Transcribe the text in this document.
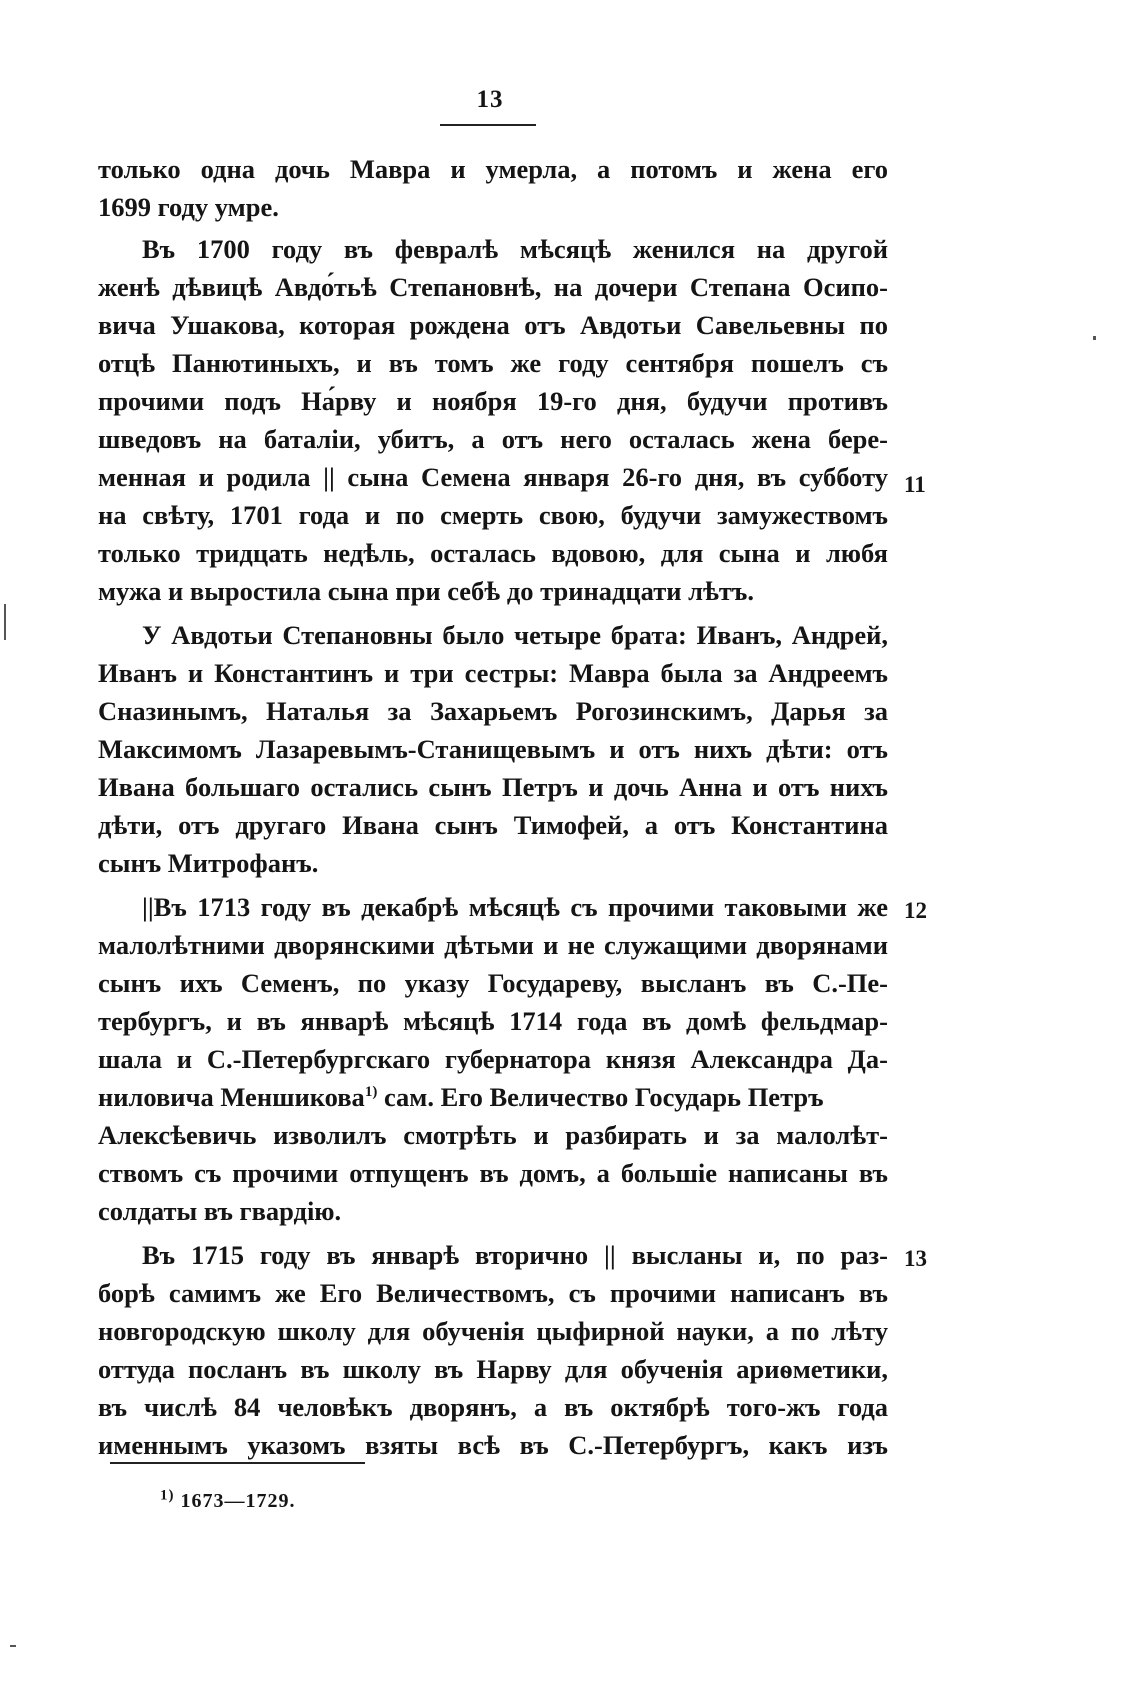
13
только одна дочь Мавра и умерла, а потомъ и жена его
1699 году умре.
Въ 1700 году въ февралѣ мѣсяцѣ женился на другой
женѣ дѣвицѣ Авдо́тьѣ Степановнѣ, на дочери Степана Осипо-
вича Ушакова, которая рождена отъ Авдотьи Савельевны по
отцѣ Панютиныхъ, и въ томъ же году сентября пошелъ съ
прочими подъ На́рву и ноября 19-го дня, будучи противъ
шведовъ на баталiи, убитъ, а отъ него осталась жена бере-
менная и родила || сына Семена января 26-го дня, въ субботу
на свѣту, 1701 года и по смерть свою, будучи замужествомъ
только тридцать недѣль, осталась вдовою, для сына и любя
мужа и выростила сына при себѣ до тринадцати лѣтъ.
У Авдотьи Степановны было четыре брата: Иванъ, Андрей,
Иванъ и Константинъ и три сестры: Мавра была за Андреемъ
Сназинымъ, Наталья за Захарьемъ Рогозинскимъ, Дарья за
Максимомъ Лазаревымъ-Станищевымъ и отъ нихъ дѣти: отъ
Ивана большаго остались сынъ Петръ и дочь Анна и отъ нихъ
дѣти, отъ другаго Ивана сынъ Тимофей, а отъ Константина
сынъ Митрофанъ.
||Въ 1713 году въ декабрѣ мѣсяцѣ съ прочими таковыми же
малолѣтними дворянскими дѣтьми и не служащими дворянами
сынъ ихъ Семенъ, по указу Государеву, высланъ въ С.-Пе-
тербургъ, и въ январѣ мѣсяцѣ 1714 года въ домѣ фельдмар-
шала и С.-Петербургскаго губернатора князя Александра Да-
ниловича Меншикова$^{1)}$ сам. Его Величество Государь Петръ
Алексѣевичь изволилъ смотрѣть и разбирать и за малолѣт-
ствомъ съ прочими отпущенъ въ домъ, а большiе написаны въ
солдаты въ гвардiю.
Въ 1715 году въ январѣ вторично || высланы и, по раз-
борѣ самимъ же Его Величествомъ, съ прочими написанъ въ
новгородскую школу для обученiя цыфирной науки, а по лѣту
оттуда посланъ въ школу въ Нарву для обученiя ариѳметики,
въ числѣ 84 человѣкъ дворянъ, а въ октябрѣ того-жъ года
именнымъ указомъ взяты всѣ въ С.-Петербургъ, какъ изъ
11
12
13
$^{1)}$ 1673—1729.
